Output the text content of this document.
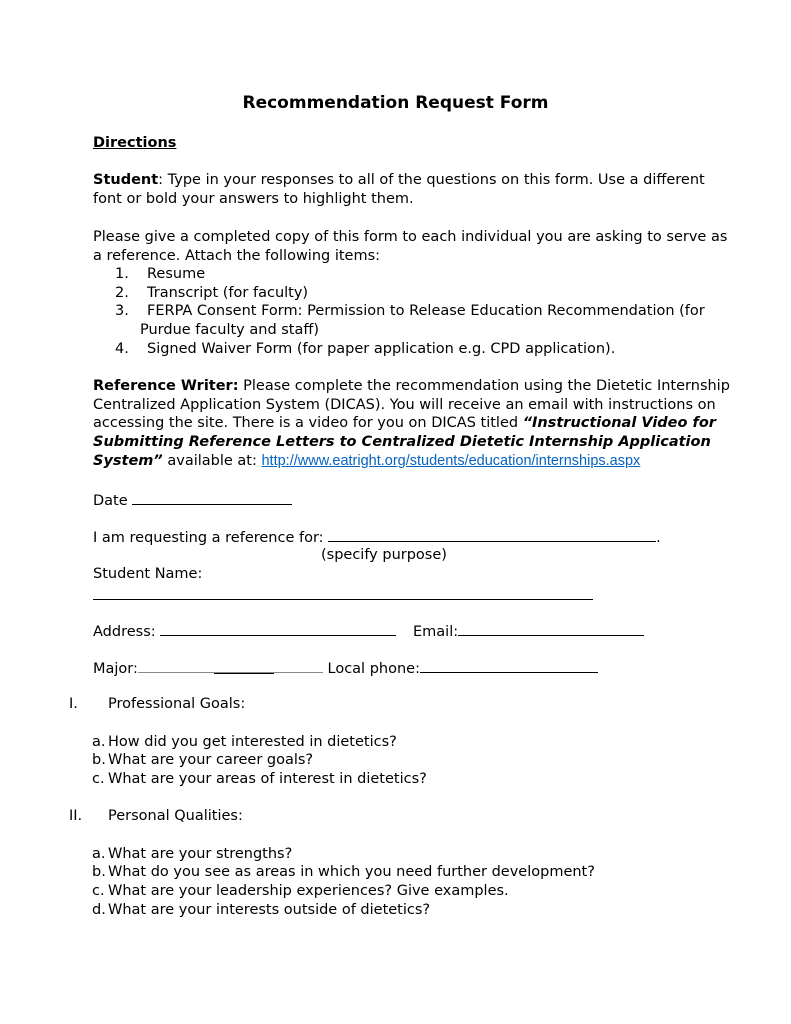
Recommendation Request Form
Directions
Student: Type in your responses to all of the questions on this form. Use a different
font or bold your answers to highlight them.
Please give a completed copy of this form to each individual you are asking to serve as
a reference. Attach the following items:
1. Resume
2. Transcript (for faculty)
3. FERPA Consent Form: Permission to Release Education Recommendation (for
Purdue faculty and staff)
4. Signed Waiver Form (for paper application e.g. CPD application).
Reference Writer: Please complete the recommendation using the Dietetic Internship
Centralized Application System (DICAS). You will receive an email with instructions on
accessing the site. There is a video for you on DICAS titled “Instructional Video for
Submitting Reference Letters to Centralized Dietetic Internship Application
System” available at: http://www.eatright.org/students/education/internships.aspx
Date
I am requesting a reference for:	.
(specify purpose)
Student Name:
Address:	Email:
Major:	Local phone:
I. Professional Goals:
a. How did you get interested in dietetics?
b. What are your career goals?
c. What are your areas of interest in dietetics?
II. Personal Qualities:
a. What are your strengths?
b. What do you see as areas in which you need further development?
c. What are your leadership experiences? Give examples.
d. What are your interests outside of dietetics?
